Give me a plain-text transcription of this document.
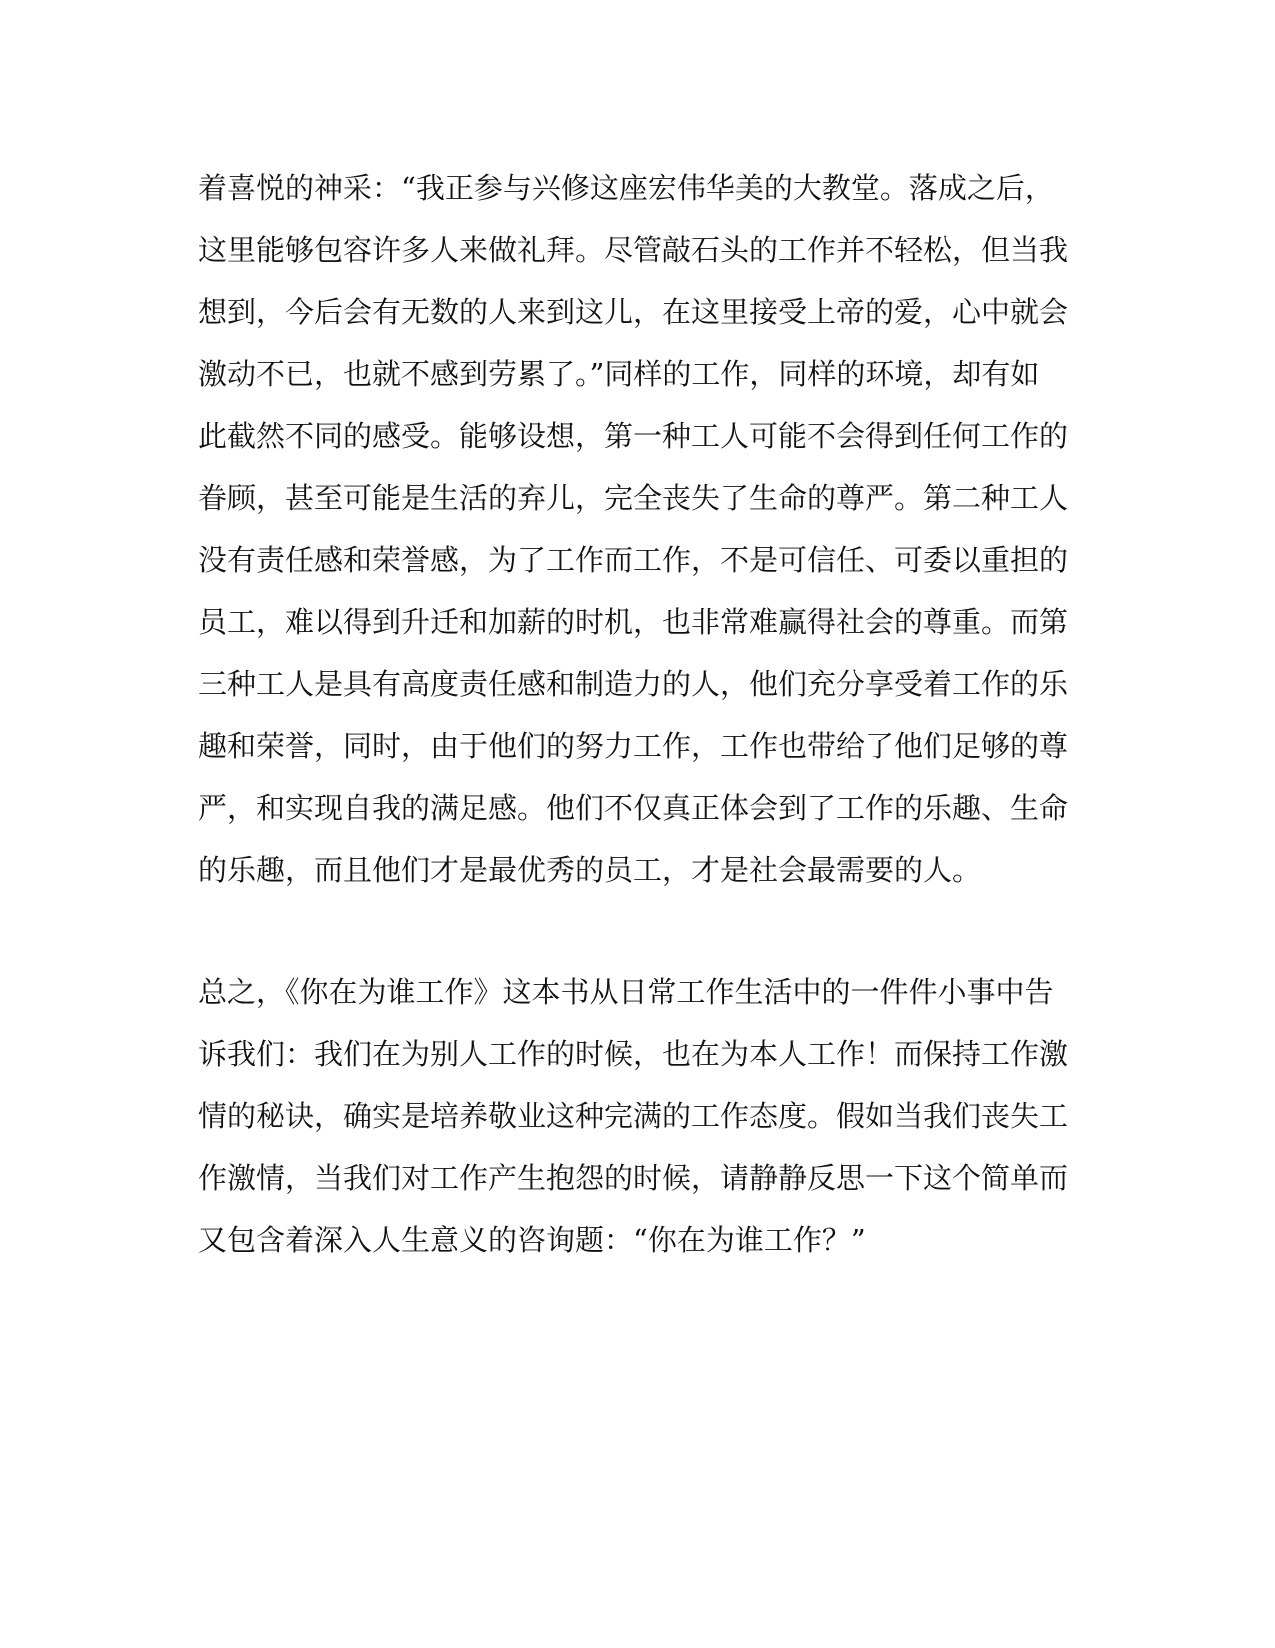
着喜悦的神采：“我正参与兴修这座宏伟华美的大教堂。落成之后，

这里能够包容许多人来做礼拜。尽管敲石头的工作并不轻松，但当我

想到，今后会有无数的人来到这儿，在这里接受上帝的爱，心中就会

激动不已，也就不感到劳累了。”同样的工作，同样的环境，却有如

此截然不同的感受。能够设想，第一种工人可能不会得到任何工作的

眷顾，甚至可能是生活的弃儿，完全丧失了生命的尊严。第二种工人

没有责任感和荣誉感，为了工作而工作，不是可信任、可委以重担的

员工，难以得到升迁和加薪的时机，也非常难赢得社会的尊重。而第

三种工人是具有高度责任感和制造力的人，他们充分享受着工作的乐

趣和荣誉，同时，由于他们的努力工作，工作也带给了他们足够的尊

严，和实现自我的满足感。他们不仅真正体会到了工作的乐趣、生命

的乐趣，而且他们才是最优秀的员工，才是社会最需要的人。

总之，《你在为谁工作》这本书从日常工作生活中的一件件小事中告

诉我们：我们在为别人工作的时候，也在为本人工作！而保持工作激

情的秘诀，确实是培养敬业这种完满的工作态度。假如当我们丧失工

作激情，当我们对工作产生抱怨的时候，请静静反思一下这个简单而

又包含着深入人生意义的咨询题：“你在为谁工作？”
